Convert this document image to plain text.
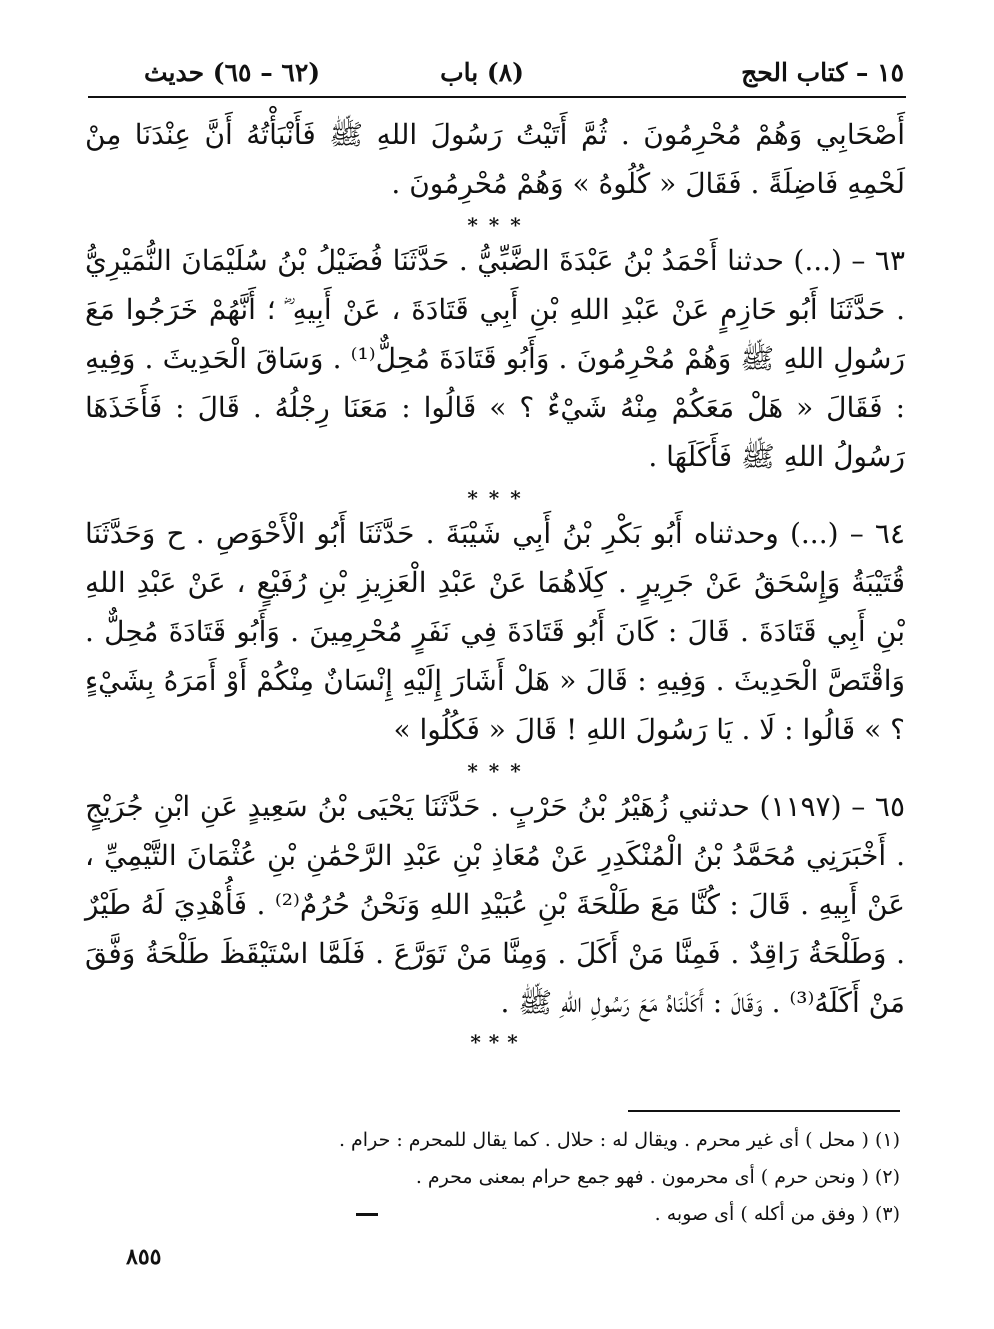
١٥ – كتاب الحج
(٨) باب
(٦٢ – ٦٥) حديث

أَصْحَابِي وَهُمْ مُحْرِمُونَ . ثُمَّ أَتَيْتُ رَسُولَ اللهِ ﷺ فَأَنْبَأْتُهُ أَنَّ عِنْدَنَا مِنْ لَحْمِهِ فَاضِلَةً . فَقَالَ « كُلُوهُ » وَهُمْ مُحْرِمُونَ .

* * *

٦٣ – (...) حدثنا أَحْمَدُ بْنُ عَبْدَةَ الضَّبِّيُّ . حَدَّثَنَا فُضَيْلُ بْنُ سُلَيْمَانَ النُّمَيْرِيُّ . حَدَّثَنَا أَبُو حَازِمٍ عَنْ عَبْدِ اللهِ بْنِ أَبِي قَتَادَةَ ، عَنْ أَبِيهِ ؓ ؛ أَنَّهُمْ خَرَجُوا مَعَ رَسُولِ اللهِ ﷺ وَهُمْ مُحْرِمُونَ . وَأَبُو قَتَادَةَ مُحِلٌّ⁽¹⁾ . وَسَاقَ الْحَدِيثَ . وَفِيهِ : فَقَالَ « هَلْ مَعَكُمْ مِنْهُ شَيْءٌ ؟ » قَالُوا : مَعَنَا رِجْلُهُ . قَالَ : فَأَخَذَهَا رَسُولُ اللهِ ﷺ فَأَكَلَهَا .

* * *

٦٤ – (...) وحدثناه أَبُو بَكْرِ بْنُ أَبِي شَيْبَةَ . حَدَّثَنَا أَبُو الْأَحْوَصِ . ح وَحَدَّثَنَا قُتَيْبَةُ وَإِسْحَقُ عَنْ جَرِيرٍ . كِلَاهُمَا عَنْ عَبْدِ الْعَزِيزِ بْنِ رُفَيْعٍ ، عَنْ عَبْدِ اللهِ بْنِ أَبِي قَتَادَةَ . قَالَ : كَانَ أَبُو قَتَادَةَ فِي نَفَرٍ مُحْرِمِينَ . وَأَبُو قَتَادَةَ مُحِلٌّ . وَاقْتَصَّ الْحَدِيثَ . وَفِيهِ : قَالَ « هَلْ أَشَارَ إِلَيْهِ إِنْسَانٌ مِنْكُمْ أَوْ أَمَرَهُ بِشَيْءٍ ؟ » قَالُوا : لَا . يَا رَسُولَ اللهِ ! قَالَ « فَكُلُوا »

* * *

٦٥ – (١١٩٧) حدثني زُهَيْرُ بْنُ حَرْبٍ . حَدَّثَنَا يَحْيَى بْنُ سَعِيدٍ عَنِ ابْنِ جُرَيْجٍ . أَخْبَرَنِي مُحَمَّدُ بْنُ الْمُنْكَدِرِ عَنْ مُعَاذِ بْنِ عَبْدِ الرَّحْمَٰنِ بْنِ عُثْمَانَ التَّيْمِيِّ ، عَنْ أَبِيهِ . قَالَ : كُنَّا مَعَ طَلْحَةَ بْنِ عُبَيْدِ اللهِ وَنَحْنُ حُرُمٌ⁽²⁾ . فَأُهْدِيَ لَهُ طَيْرٌ . وَطَلْحَةُ رَاقِدٌ . فَمِنَّا مَنْ أَكَلَ . وَمِنَّا مَنْ تَوَرَّعَ . فَلَمَّا اسْتَيْقَظَ طَلْحَةُ وَفَّقَ مَنْ أَكَلَهُ⁽³⁾ . وَقَالَ : أَكَلْنَاهُ مَعَ رَسُولِ اللهِ ﷺ .

* * *

(١) ( محل ) أى غير محرم . ويقال له : حلال . كما يقال للمحرم : حرام .

(٢) ( ونحن حرم ) أى محرمون . فهو جمع حرام بمعنى محرم .

(٣) ( وفق من أكله ) أى صوبه .

٨٥٥
